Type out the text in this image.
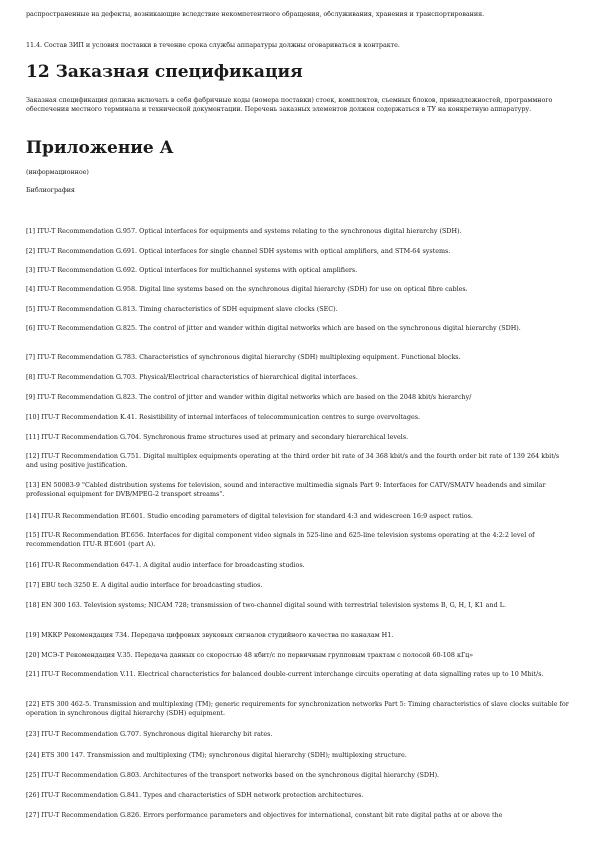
распространенные на дефекты, возникающие вследствие некомпетентного обращения, обслуживания, хранения и транспортирования.

11.4. Состав ЗИП и условия поставки в течение срока службы аппаратуры должны оговариваться в контракте.

12 Заказная спецификация

Заказная спецификация должна включать в себя фабричные коды (номера поставки) стоек, комплектов, съемных блоков, принадлежностей, программного обеспечения местного терминала и технической документации. Перечень заказных элементов должен содержаться в ТУ на конкретную аппаратуру.

Приложение А

(информационное)

Библиография

[1] ITU-T Recommendation G.957. Optical interfaces for equipments and systems relating to the synchronous digital hierarchy (SDH).

[2] ITU-T Recommendation G.691. Optical interfaces for single channel SDH systems with optical amplifiers, and STM-64 systems.

[3] ITU-T Recommendation G.692. Optical interfaces for multichannel systems with optical amplifiers.

[4] ITU-T Recommendation G.958. Digital line systems based on the synchronous digital hierarchy (SDH) for use on optical fibre cables.

[5] ITU-T Recommendation G.813. Timing characteristics of SDH equipment slave clocks (SEC).

[6] ITU-T Recommendation G.825. The control of jitter and wander within digital networks which are based on the synchronous digital hierarchy (SDH).

[7] ITU-T Recommendation G.783. Characteristics of synchronous digital hierarchy (SDH) multiplexing equipment. Functional blocks.

[8] ITU-T Recommendation G.703. Physical/Electrical characteristics of hierarchical digital interfaces.

[9] ITU-T Recommendation G.823. The control of jitter and wander within digital networks which are based on the 2048 kbit/s hierarchy/

[10] ITU-T Recommendation K.41. Resistibility of internal interfaces of telecommunication centres to surge overvoltages.

[11] ITU-T Recommendation G.704. Synchronous frame structures used at primary and secondary hierarchical levels.

[12] ITU-T Recommendation G.751. Digital multiplex equipments operating at the third order bit rate of 34 368 kbit/s and the fourth order bit rate of 139 264 kbit/s and using positive justification.

[13] EN 50083-9 "Cabled distribution systems for television, sound and interactive multimedia signals Part 9: Interfaces for CATV/SMATV headends and similar professional equipment for DVB/MPEG-2 transport streams".

[14] ITU-R Recommendation BT.601. Studio encoding parameters of digital television for standard 4:3 and widescreen 16:9 aspect ratios.

[15] ITU-R Recommendation BT.656. Interfaces for digital component video signals in 525-line and 625-line television systems operating at the 4:2:2 level of recommendation ITU-R BT.601 (part A).

[16] ITU-R Recommendation 647-1. A digital audio interface for broadcasting studios.

[17] EBU tech 3250 E. A digital audio interface for broadcasting studios.

[18] EN 300 163. Television systems; NICAM 728; transmission of two-channel digital sound with terrestrial television systems B, G, H, I, K1 and L.

[19] МККР Рекомендация 734. Передача цифровых звуковых сигналов студийного качества по каналам Н1.

[20] МСЭ-Т Рекомендация V.35. Передача данных со скоростью 48 кбит/с по первичным групповым трактам с полосой 60-108 кГц»

[21] ITU-T Recommendation V.11. Electrical characteristics for balanced double-current interchange circuits operating at data signalling rates up to 10 Mbit/s.

[22] ETS 300 462-5. Transmission and multiplexing (TM); generic requirements for synchronization networks Part 5: Timing characteristics of slave clocks suitable for operation in synchronous digital hierarchy (SDH) equipment.

[23] ITU-T Recommendation G.707. Synchronous digital hierarchy bit rates.

[24] ETS 300 147. Transmission and multiplexing (TM); synchronous digital hierarchy (SDH); multiplexing structure.

[25] ITU-T Recommendation G.803. Architectures of the transport networks based on the synchronous digital hierarchy (SDH).

[26] ITU-T Recommendation G.841. Types and characteristics of SDH network protection architectures.

[27] ITU-T Recommendation G.826. Errors performance parameters and objectives for international, constant bit rate digital paths at or above the
